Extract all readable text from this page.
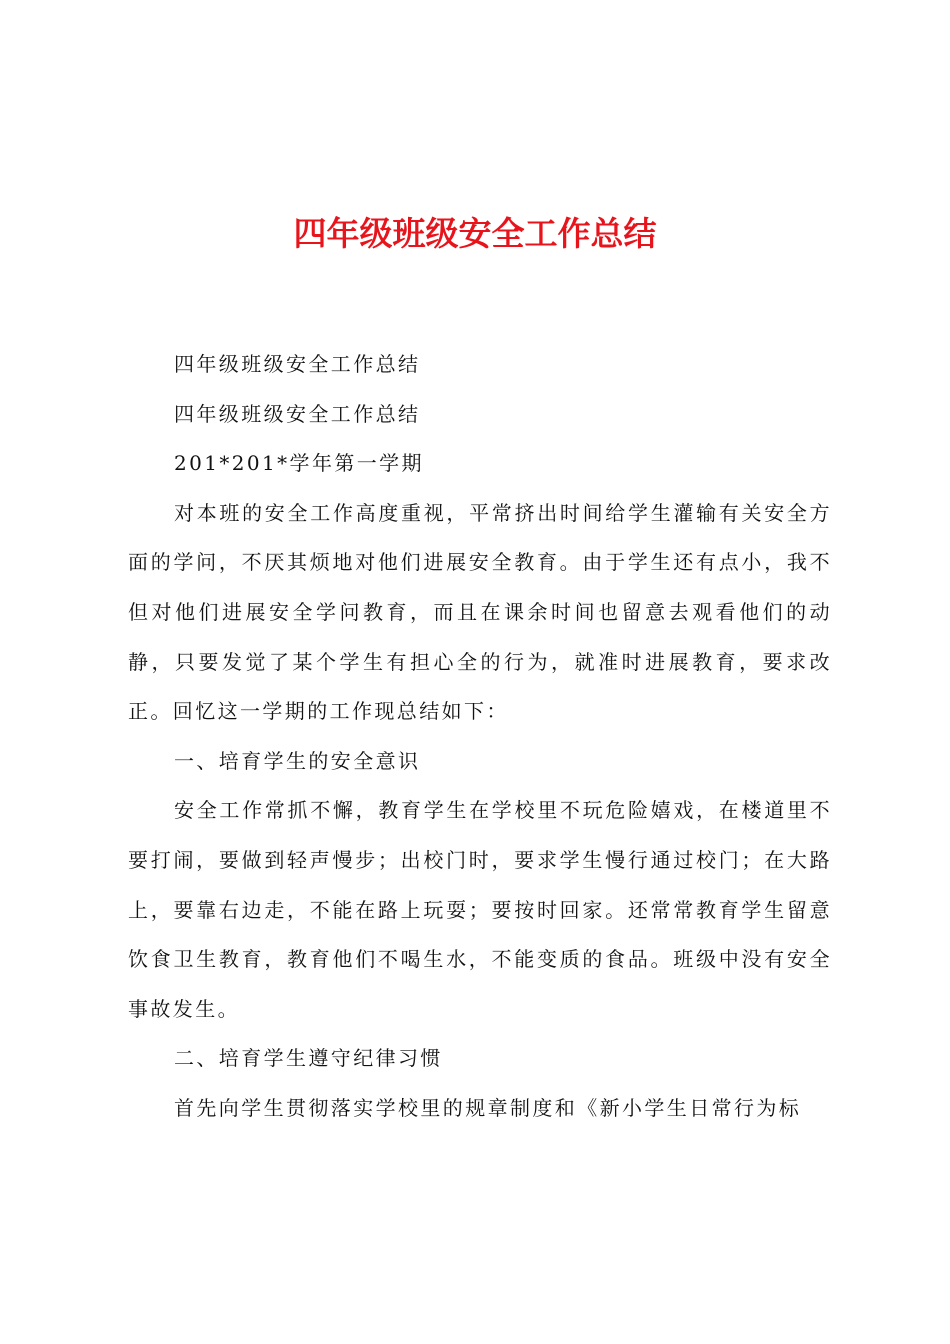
四年级班级安全工作总结

四年级班级安全工作总结

四年级班级安全工作总结

201*201*学年第一学期

对本班的安全工作高度重视，平常挤出时间给学生灌输有关安全方面的学问，不厌其烦地对他们进展安全教育。由于学生还有点小，我不但对他们进展安全学问教育，而且在课余时间也留意去观看他们的动静，只要发觉了某个学生有担心全的行为，就准时进展教育，要求改正。回忆这一学期的工作现总结如下：

一、培育学生的安全意识

安全工作常抓不懈，教育学生在学校里不玩危险嬉戏，在楼道里不要打闹，要做到轻声慢步；出校门时，要求学生慢行通过校门；在大路上，要靠右边走，不能在路上玩耍；要按时回家。还常常教育学生留意饮食卫生教育，教育他们不喝生水，不能变质的食品。班级中没有安全事故发生。

二、培育学生遵守纪律习惯

首先向学生贯彻落实学校里的规章制度和《新小学生日常行为标
